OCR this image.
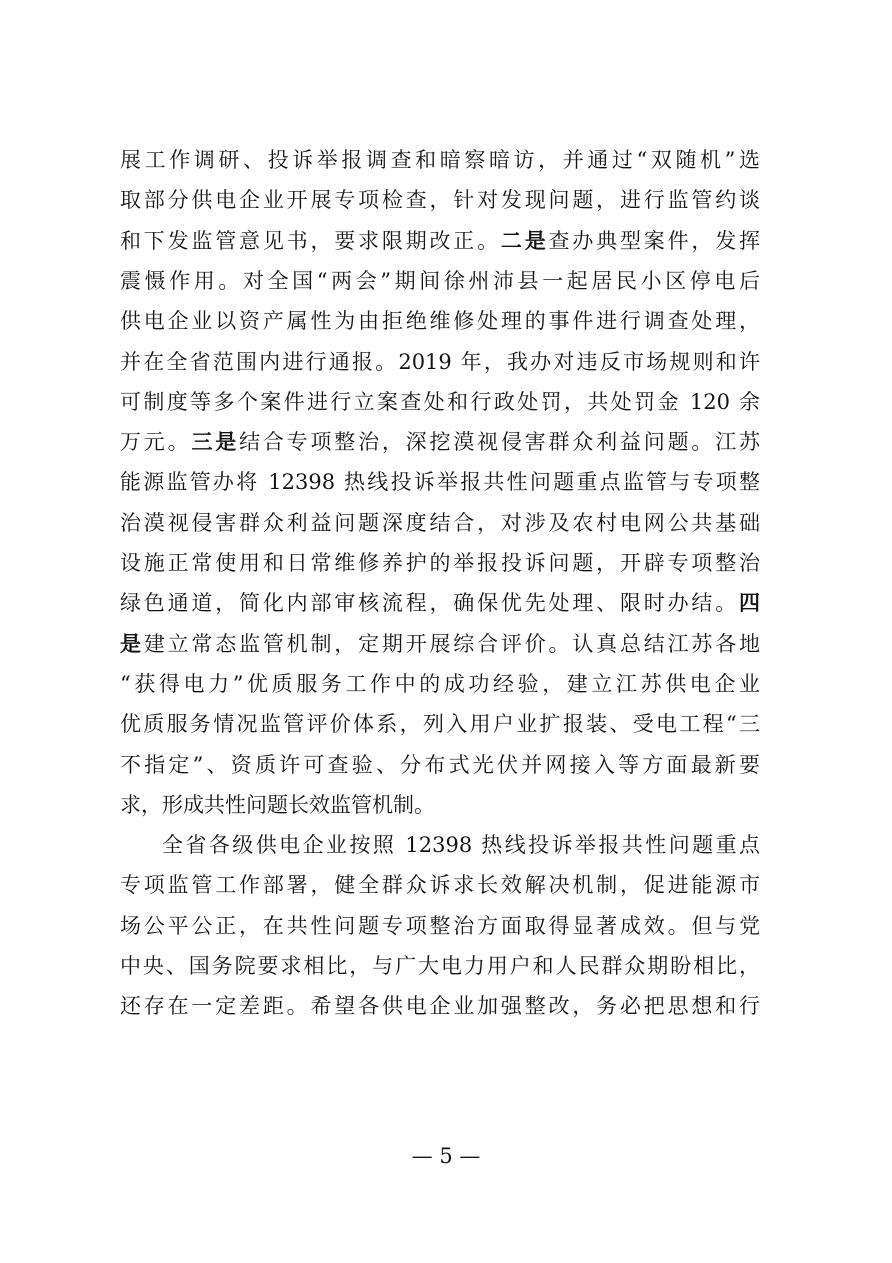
展工作调研、投诉举报调查和暗察暗访，并通过“双随机”选
取部分供电企业开展专项检查，针对发现问题，进行监管约谈
和下发监管意见书，要求限期改正。二是查办典型案件，发挥
震慑作用。对全国“两会”期间徐州沛县一起居民小区停电后
供电企业以资产属性为由拒绝维修处理的事件进行调查处理，
并在全省范围内进行通报。2019 年，我办对违反市场规则和许
可制度等多个案件进行立案查处和行政处罚，共处罚金 120 余
万元。三是结合专项整治，深挖漠视侵害群众利益问题。江苏
能源监管办将 12398 热线投诉举报共性问题重点监管与专项整
治漠视侵害群众利益问题深度结合，对涉及农村电网公共基础
设施正常使用和日常维修养护的举报投诉问题，开辟专项整治
绿色通道，简化内部审核流程，确保优先处理、限时办结。四
是建立常态监管机制，定期开展综合评价。认真总结江苏各地
“获得电力”优质服务工作中的成功经验，建立江苏供电企业
优质服务情况监管评价体系，列入用户业扩报装、受电工程“三
不指定”、资质许可查验、分布式光伏并网接入等方面最新要
求，形成共性问题长效监管机制。
全省各级供电企业按照 12398 热线投诉举报共性问题重点
专项监管工作部署，健全群众诉求长效解决机制，促进能源市
场公平公正，在共性问题专项整治方面取得显著成效。但与党
中央、国务院要求相比，与广大电力用户和人民群众期盼相比，
还存在一定差距。希望各供电企业加强整改，务必把思想和行
— 5 —
